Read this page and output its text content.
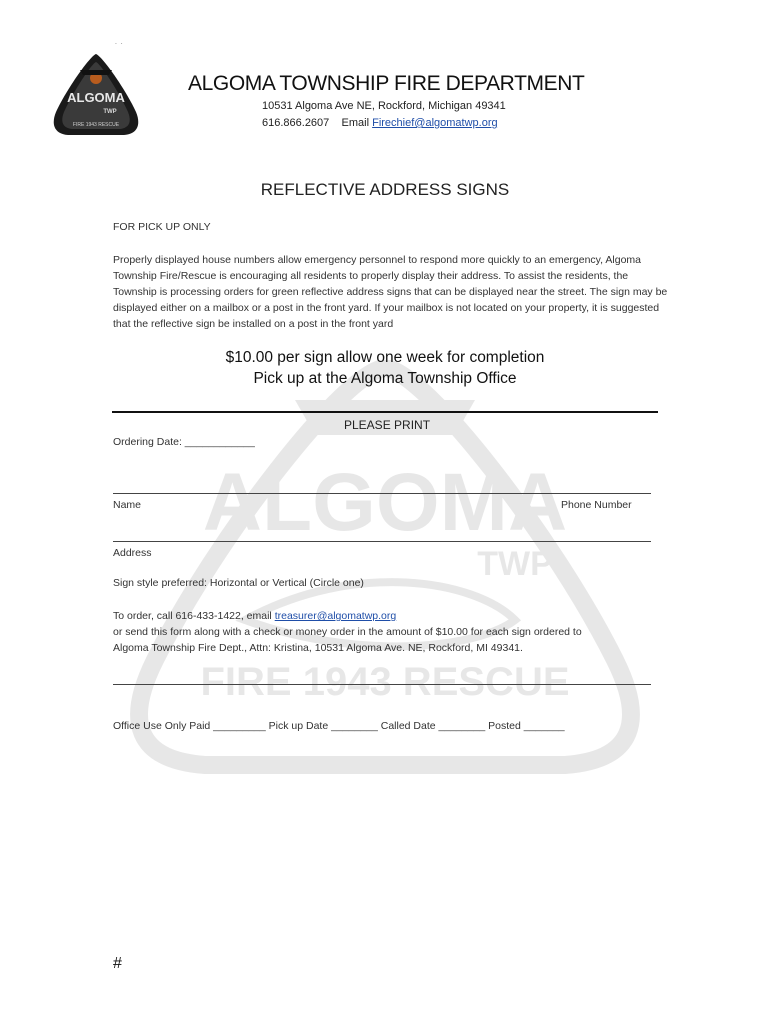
ALGOMA
TWP
FIRE 1943 RESCUE
` `
ALGOMA
TWP
FIRE 1943 RESCUE
ALGOMA TOWNSHIP FIRE DEPARTMENT
10531 Algoma Ave NE, Rockford, Michigan 49341
616.866.2607 Email Firechief@algomatwp.org
REFLECTIVE ADDRESS SIGNS
FOR PICK UP ONLY
Properly displayed house numbers allow emergency personnel to respond more quickly to an emergency, Algoma Township Fire/Rescue is encouraging all residents to properly display their address. To assist the residents, the Township is processing orders for green reflective address signs that can be displayed near the street. The sign may be displayed either on a mailbox or a post in the front yard. If your mailbox is not located on your property, it is suggested that the reflective sign be installed on a post in the front yard
$10.00 per sign allow one week for completion
Pick up at the Algoma Township Office
PLEASE PRINT
Ordering Date: ____________
Name	Phone Number
Address
Sign style preferred: Horizontal or Vertical (Circle one)
To order, call 616-433-1422, email treasurer@algomatwp.org
or send this form along with a check or money order in the amount of $10.00 for each sign ordered to
Algoma Township Fire Dept., Attn: Kristina, 10531 Algoma Ave. NE, Rockford, MI 49341.
Office Use Only Paid _________ Pick up Date ________ Called Date ________ Posted _______
#
